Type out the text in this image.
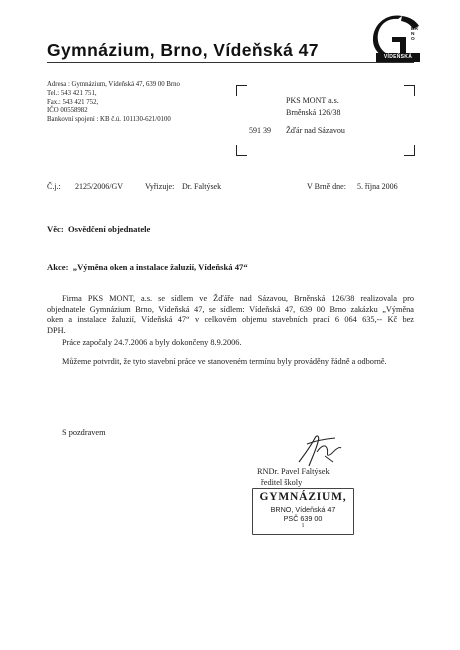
Gymnázium, Brno, Vídeňská 47
BRNO
VÍDEŇSKÁ
Adresa : Gymnázium, Vídeňská 47, 639 00 Brno
Tel.: 543 421 751,
Fax.: 543 421 752,
IČO 00558982
Bankovní spojení : KB č.ú. 101130-621/0100
PKS MONT a.s.
Brněnská 126/38
591 39 Žďár nad Sázavou
Č.j.: 2125/2006/GV	Vyřizuje: Dr. Faltýsek	V Brně dne: 5. října 2006
Věc: Osvědčení objednatele
Akce: „Výměna oken a instalace žaluzií, Vídeňská 47“
Firma PKS MONT, a.s. se sídlem ve Žďáře nad Sázavou, Brněnská 126/38 realizovala pro
objednatele Gymnázium Brno, Vídeňská 47, se sídlem: Vídeňská 47, 639 00 Brno zakázku „Výměna
oken a instalace žaluzií, Vídeňská 47“ v celkovém objemu stavebních prací 6 064 635,-- Kč bez
DPH.
Práce započaly 24.7.2006 a byly dokončeny 8.9.2006.
Můžeme potvrdit, že tyto stavební práce ve stanoveném termínu byly prováděny řádně a odborně.
S pozdravem
RNDr. Pavel Faltýsek
ředitel školy
GYMNÁZIUM,
BRNO, Vídeňská 47
PSČ 639 00
1
